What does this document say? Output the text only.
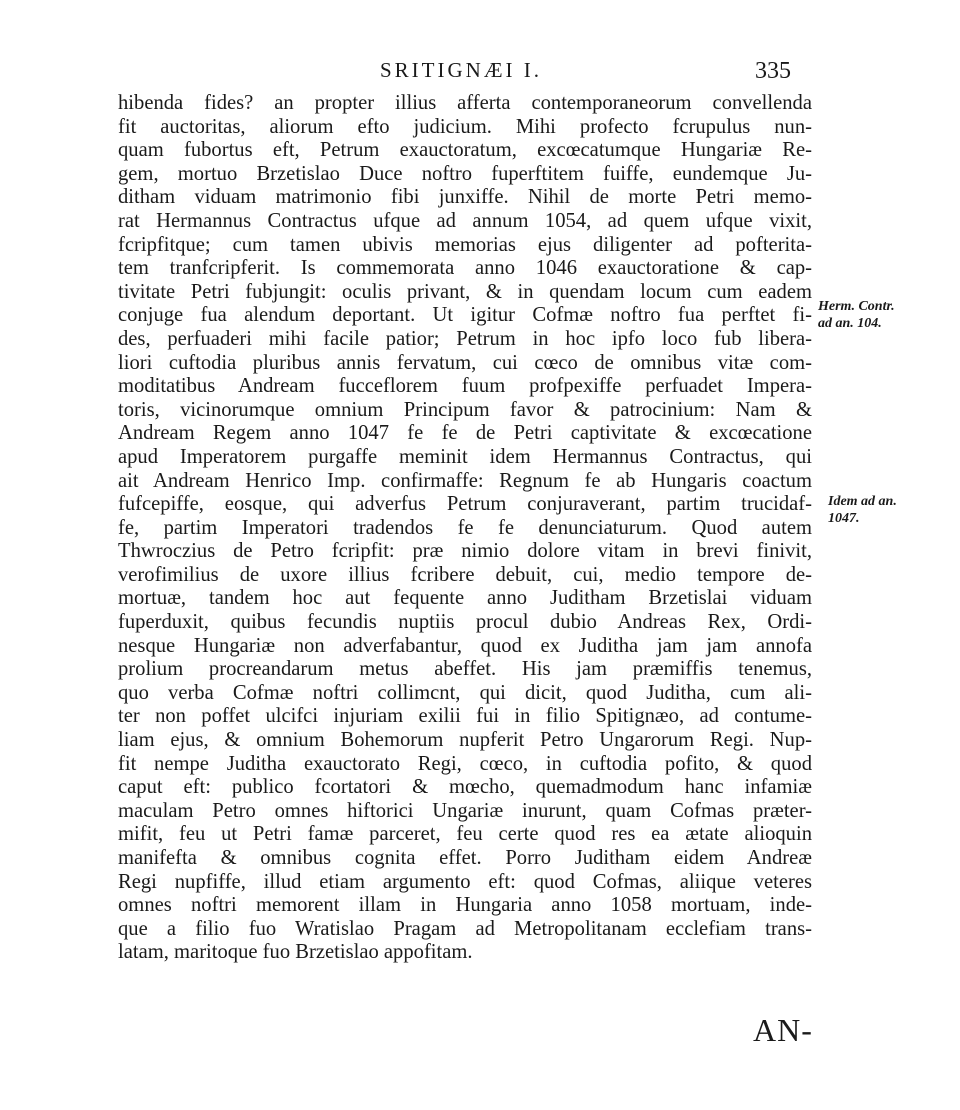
SRITIGNÆI I.	335
hibenda fides? an propter illius afferta contemporaneorum convellenda
fit auctoritas, aliorum efto judicium. Mihi profecto fcrupulus nun-
quam fubortus eft, Petrum exauctoratum, excœcatumque Hungariæ Re-
gem, mortuo Brzetislao Duce noftro fuperftitem fuiffe, eundemque Ju-
ditham viduam matrimonio fibi junxiffe. Nihil de morte Petri memo-
rat Hermannus Contractus ufque ad annum 1054, ad quem ufque vixit,
fcripfitque; cum tamen ubivis memorias ejus diligenter ad pofterita-
tem tranfcripferit. Is commemorata anno 1046 exauctoratione & cap-
tivitate Petri fubjungit: oculis privant, & in quendam locum cum eadem
conjuge fua alendum deportant. Ut igitur Cofmæ noftro fua perftet fi-
des, perfuaderi mihi facile patior; Petrum in hoc ipfo loco fub libera-
liori cuftodia pluribus annis fervatum, cui cœco de omnibus vitæ com-
moditatibus Andream fucceflorem fuum profpexiffe perfuadet Impera-
toris, vicinorumque omnium Principum favor & patrocinium: Nam &
Andream Regem anno 1047 fe fe de Petri captivitate & excœcatione
apud Imperatorem purgaffe meminit idem Hermannus Contractus, qui
ait Andream Henrico Imp. confirmaffe: Regnum fe ab Hungaris coactum
fufcepiffe, eosque, qui adverfus Petrum conjuraverant, partim trucidaf-
fe, partim Imperatori tradendos fe fe denunciaturum. Quod autem
Thwroczius de Petro fcripfit: præ nimio dolore vitam in brevi finivit,
verofimilius de uxore illius fcribere debuit, cui, medio tempore de-
mortuæ, tandem hoc aut fequente anno Juditham Brzetislai viduam
fuperduxit, quibus fecundis nuptiis procul dubio Andreas Rex, Ordi-
nesque Hungariæ non adverfabantur, quod ex Juditha jam jam annofa
prolium procreandarum metus abeffet. His jam præmiffis tenemus,
quo verba Cofmæ noftri collimcnt, qui dicit, quod Juditha, cum ali-
ter non poffet ulcifci injuriam exilii fui in filio Spitignæo, ad contume-
liam ejus, & omnium Bohemorum nupferit Petro Ungarorum Regi. Nup-
fit nempe Juditha exauctorato Regi, cœco, in cuftodia pofito, & quod
caput eft: publico fcortatori & mœcho, quemadmodum hanc infamiæ
maculam Petro omnes hiftorici Ungariæ inurunt, quam Cofmas præter-
mifit, feu ut Petri famæ parceret, feu certe quod res ea ætate alioquin
manifefta & omnibus cognita effet. Porro Juditham eidem Andreæ
Regi nupfiffe, illud etiam argumento eft: quod Cofmas, aliique veteres
omnes noftri memorent illam in Hungaria anno 1058 mortuam, inde-
que a filio fuo Wratislao Pragam ad Metropolitanam ecclefiam trans-
latam, maritoque fuo Brzetislao appofitam.
Herm. Contr.
ad an. 104.
Idem ad an.
1047.
AN-
